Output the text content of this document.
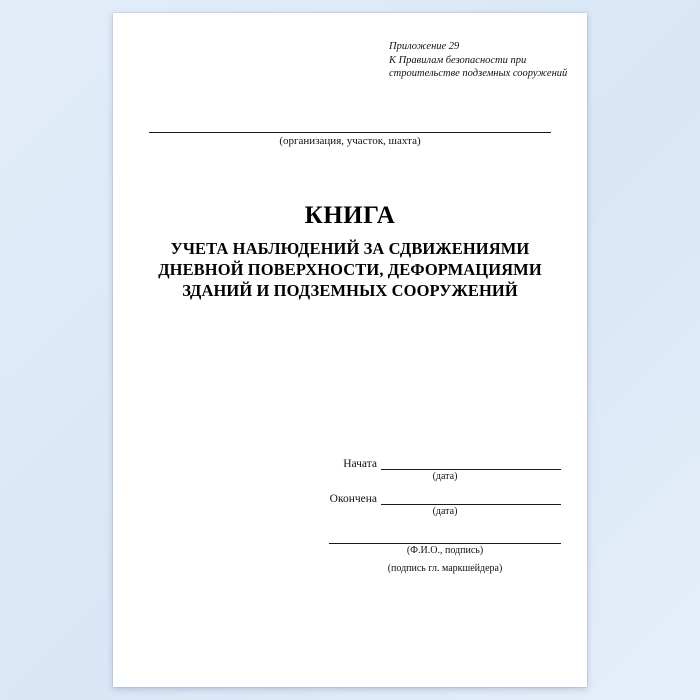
Приложение 29
К Правилам безопасности при
строительстве подземных сооружений
(организация, участок, шахта)
КНИГА
УЧЕТА НАБЛЮДЕНИЙ ЗА СДВИЖЕНИЯМИ
ДНЕВНОЙ ПОВЕРХНОСТИ, ДЕФОРМАЦИЯМИ
ЗДАНИЙ И ПОДЗЕМНЫХ СООРУЖЕНИЙ
Начата
(дата)
Окончена
(дата)
(Ф.И.О., подпись)
(подпись гл. маркшейдера)
